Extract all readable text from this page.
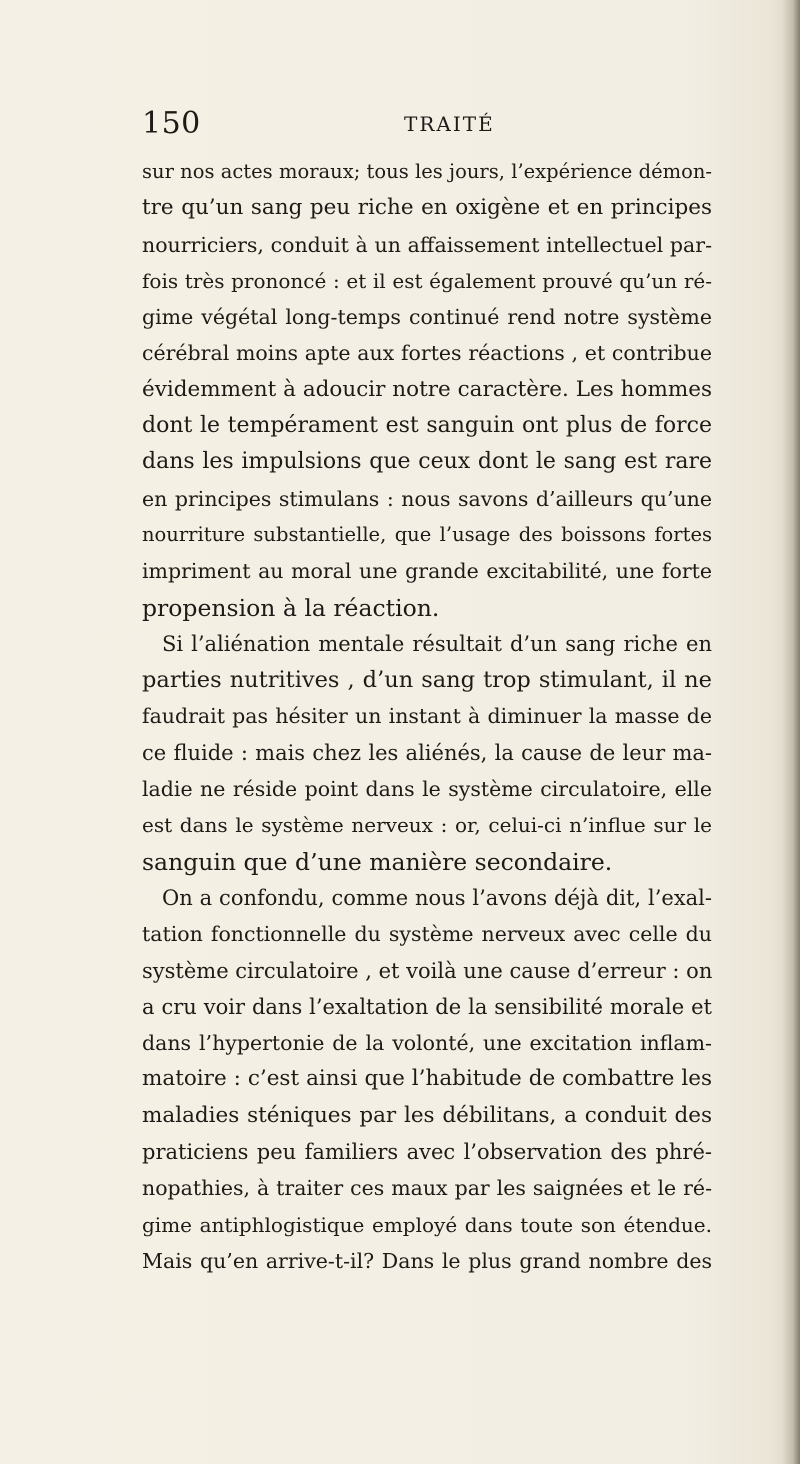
150	TRAITÉ
sur nos actes moraux; tous les jours, l’expérience démon-
tre qu’un sang peu riche en oxigène et en principes
nourriciers, conduit à un affaissement intellectuel par-
fois très prononcé : et il est également prouvé qu’un ré-
gime végétal long-temps continué rend notre système
cérébral moins apte aux fortes réactions , et contribue
évidemment à adoucir notre caractère. Les hommes
dont le tempérament est sanguin ont plus de force
dans les impulsions que ceux dont le sang est rare
en principes stimulans : nous savons d’ailleurs qu’une
nourriture substantielle, que l’usage des boissons fortes
impriment au moral une grande excitabilité, une forte
propension à la réaction.
Si l’aliénation mentale résultait d’un sang riche en
parties nutritives , d’un sang trop stimulant, il ne
faudrait pas hésiter un instant à diminuer la masse de
ce fluide : mais chez les aliénés, la cause de leur ma-
ladie ne réside point dans le système circulatoire, elle
est dans le système nerveux : or, celui-ci n’influe sur le
sanguin que d’une manière secondaire.
On a confondu, comme nous l’avons déjà dit, l’exal-
tation fonctionnelle du système nerveux avec celle du
système circulatoire , et voilà une cause d’erreur : on
a cru voir dans l’exaltation de la sensibilité morale et
dans l’hypertonie de la volonté, une excitation inflam-
matoire : c’est ainsi que l’habitude de combattre les
maladies sténiques par les débilitans, a conduit des
praticiens peu familiers avec l’observation des phré-
nopathies, à traiter ces maux par les saignées et le ré-
gime antiphlogistique employé dans toute son étendue.
Mais qu’en arrive-t-il? Dans le plus grand nombre des
